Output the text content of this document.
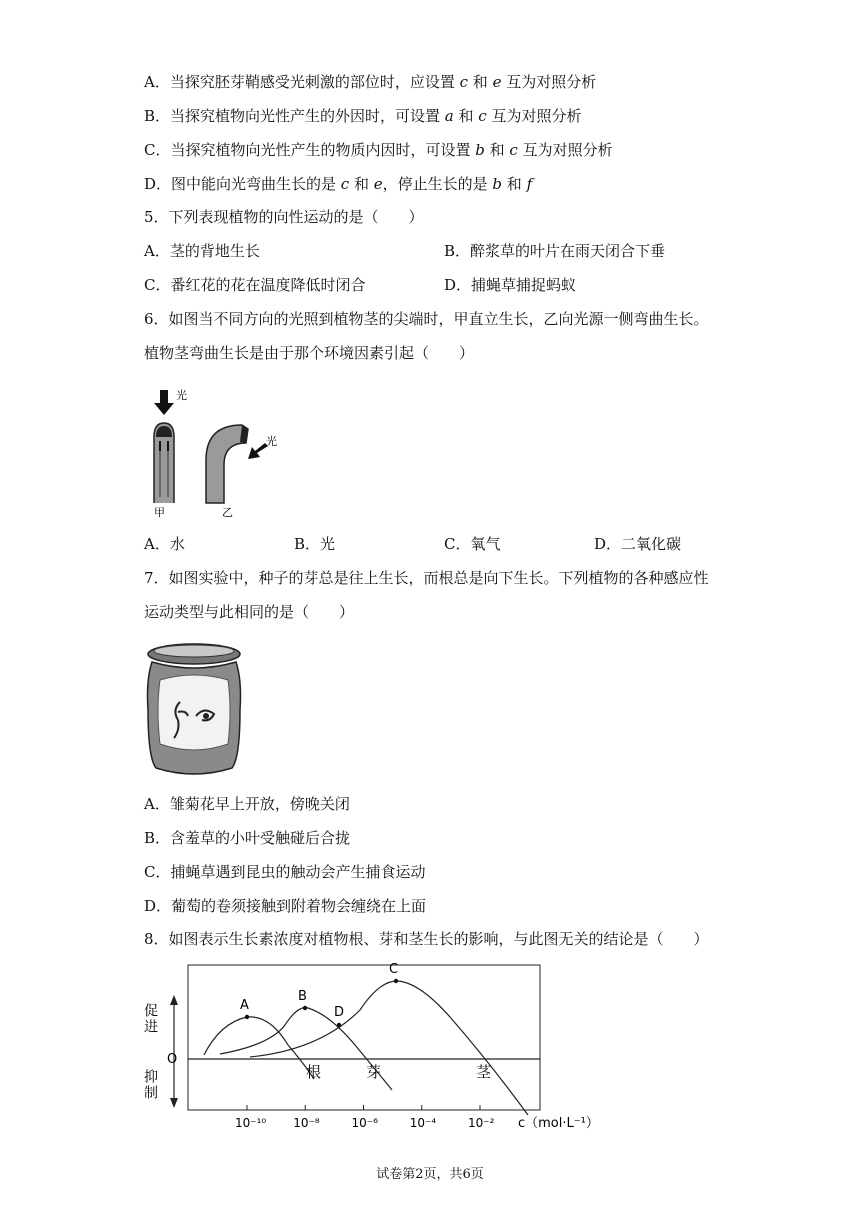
A．当探究胚芽鞘感受光刺激的部位时，应设置 c 和 e 互为对照分析
B．当探究植物向光性产生的外因时，可设置 a 和 c 互为对照分析
C．当探究植物向光性产生的物质内因时，可设置 b 和 c 互为对照分析
D．图中能向光弯曲生长的是 c 和 e，停止生长的是 b 和 f
5．下列表现植物的向性运动的是（　　）
A．茎的背地生长	B．醉浆草的叶片在雨天闭合下垂
C．番红花的花在温度降低时闭合	D．捕蝇草捕捉蚂蚁
6．如图当不同方向的光照到植物茎的尖端时，甲直立生长，乙向光源一侧弯曲生长。
植物茎弯曲生长是由于那个环境因素引起（　　）
光
光
甲	乙
A．水	B．光	C．氧气	D．二氧化碳
7．如图实验中，种子的芽总是往上生长，而根总是向下生长。下列植物的各种感应性
运动类型与此相同的是（　　）
A．雏菊花早上开放，傍晚关闭
B．含羞草的小叶受触碰后合拢
C．捕蝇草遇到昆虫的触动会产生捕食运动
D．葡萄的卷须接触到附着物会缠绕在上面
8．如图表示生长素浓度对植物根、芽和茎生长的影响，与此图无关的结论是（　　）
促进
O
抑制
A
根
B
芽
C
茎
D
10⁻¹⁰ 10⁻⁸	10⁻⁶	10⁻⁴	10⁻² c（mol·L⁻¹）
试卷第2页，共6页
